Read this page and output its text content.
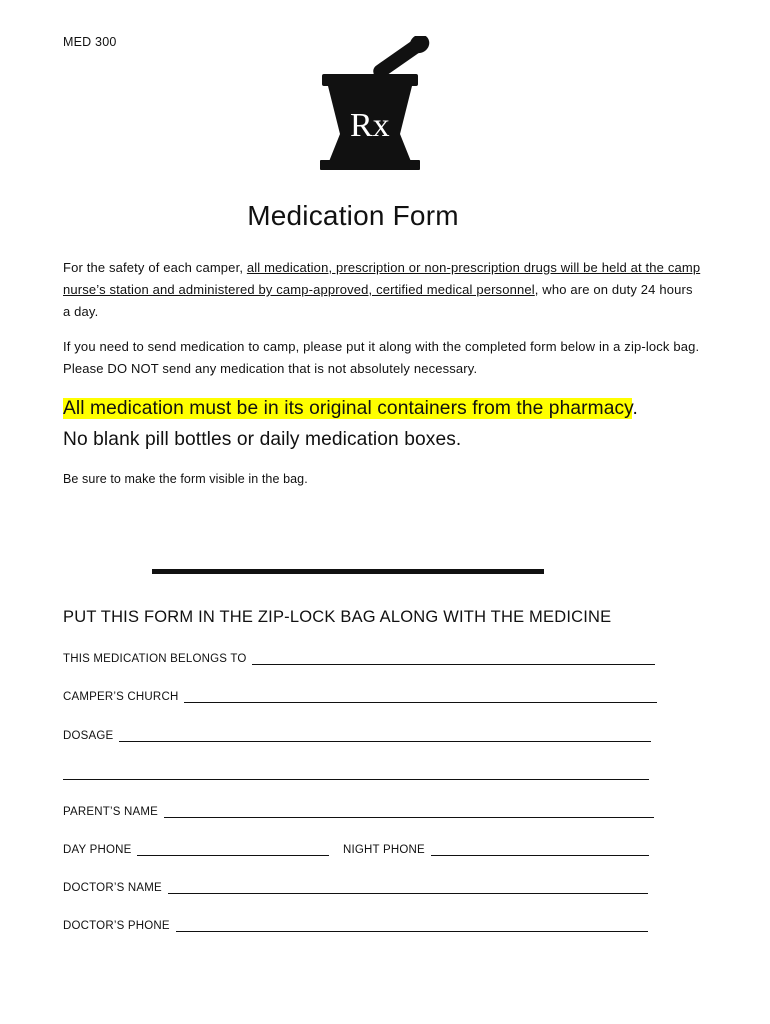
MED 300
Rx
Medication Form
For the safety of each camper, all medication, prescription or non-prescription drugs will be held at the camp nurse’s station and administered by camp-approved, certified medical personnel, who are on duty 24 hours a day.
If you need to send medication to camp, please put it along with the completed form below in a zip-lock bag. Please DO NOT send any medication that is not absolutely necessary.
All medication must be in its original containers from the pharmacy.
No blank pill bottles or daily medication boxes.
Be sure to make the form visible in the bag.
PUT THIS FORM IN THE ZIP-LOCK BAG ALONG WITH THE MEDICINE
THIS MEDICATION BELONGS TO
CAMPER’S CHURCH
DOSAGE
PARENT’S NAME
DAY PHONE	NIGHT PHONE
DOCTOR’S NAME
DOCTOR’S PHONE
